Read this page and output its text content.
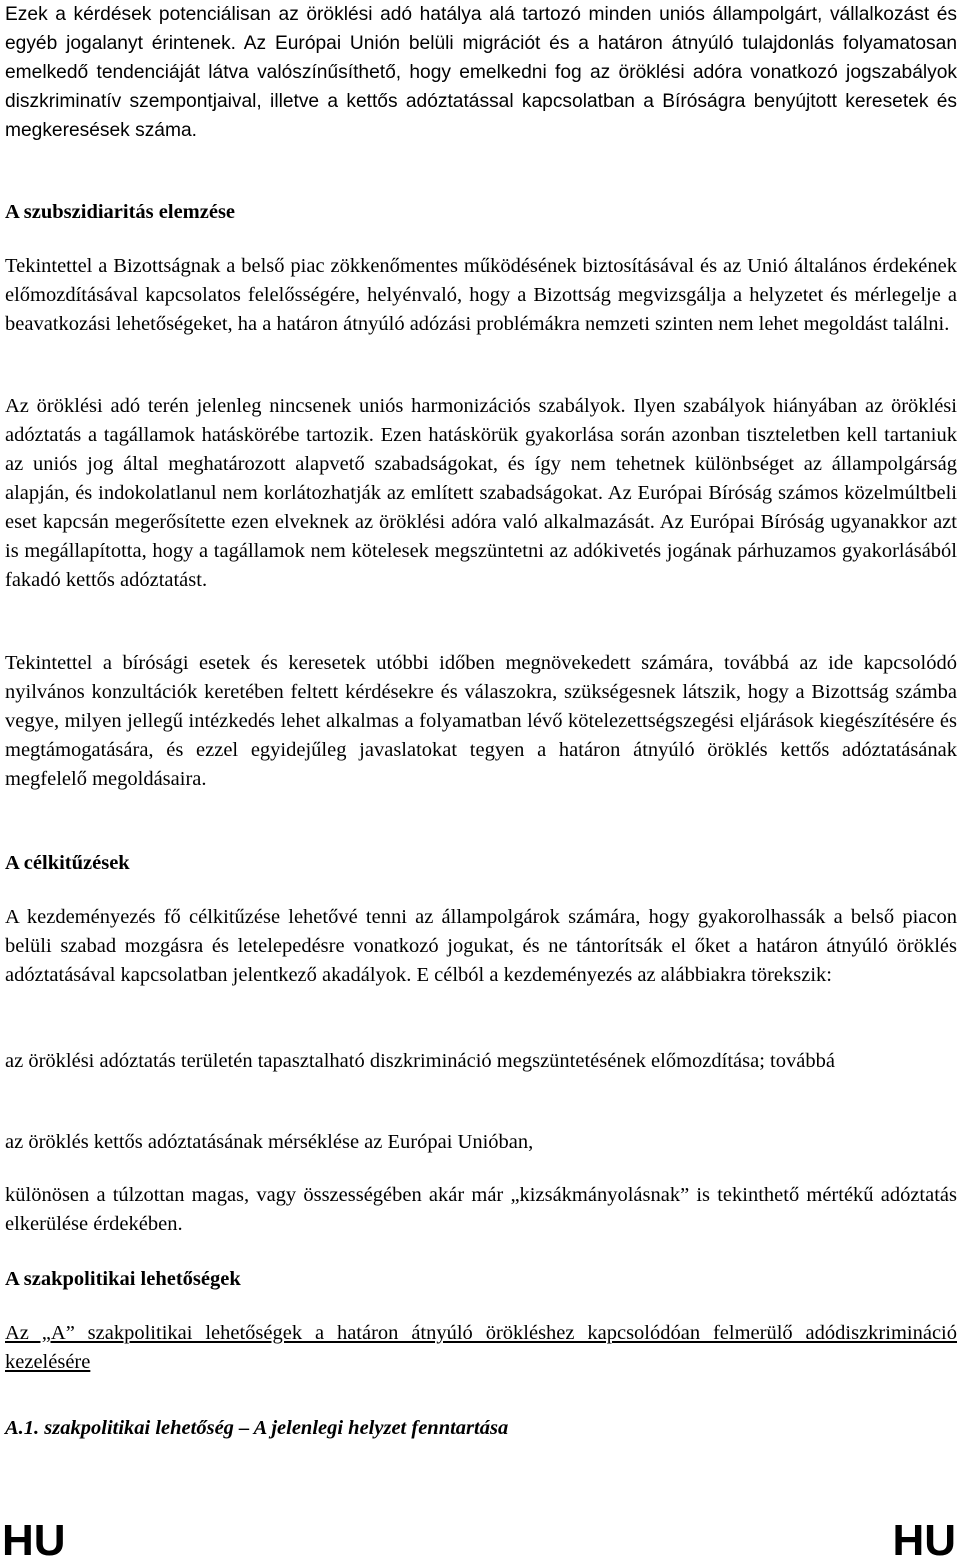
Ezek a kérdések potenciálisan az öröklési adó hatálya alá tartozó minden uniós állampolgárt, vállalkozást és egyéb jogalanyt érintenek. Az Európai Unión belüli migrációt és a határon átnyúló tulajdonlás folyamatosan emelkedő tendenciáját látva valószínűsíthető, hogy emelkedni fog az öröklési adóra vonatkozó jogszabályok diszkriminatív szempontjaival, illetve a kettős adóztatással kapcsolatban a Bíróságra benyújtott keresetek és megkeresések száma.

A szubszidiaritás elemzése

Tekintettel a Bizottságnak a belső piac zökkenőmentes működésének biztosításával és az Unió általános érdekének előmozdításával kapcsolatos felelősségére, helyénvaló, hogy a Bizottság megvizsgálja a helyzetet és mérlegelje a beavatkozási lehetőségeket, ha a határon átnyúló adózási problémákra nemzeti szinten nem lehet megoldást találni.

Az öröklési adó terén jelenleg nincsenek uniós harmonizációs szabályok. Ilyen szabályok hiányában az öröklési adóztatás a tagállamok hatáskörébe tartozik. Ezen hatáskörük gyakorlása során azonban tiszteletben kell tartaniuk az uniós jog által meghatározott alapvető szabadságokat, és így nem tehetnek különbséget az állampolgárság alapján, és indokolatlanul nem korlátozhatják az említett szabadságokat. Az Európai Bíróság számos közelmúltbeli eset kapcsán megerősítette ezen elveknek az öröklési adóra való alkalmazását. Az Európai Bíróság ugyanakkor azt is megállapította, hogy a tagállamok nem kötelesek megszüntetni az adókivetés jogának párhuzamos gyakorlásából fakadó kettős adóztatást.

Tekintettel a bírósági esetek és keresetek utóbbi időben megnövekedett számára, továbbá az ide kapcsolódó nyilvános konzultációk keretében feltett kérdésekre és válaszokra, szükségesnek látszik, hogy a Bizottság számba vegye, milyen jellegű intézkedés lehet alkalmas a folyamatban lévő kötelezettségszegési eljárások kiegészítésére és megtámogatására, és ezzel egyidejűleg javaslatokat tegyen a határon átnyúló öröklés kettős adóztatásának megfelelő megoldásaira.

A célkitűzések

A kezdeményezés fő célkitűzése lehetővé tenni az állampolgárok számára, hogy gyakorolhassák a belső piacon belüli szabad mozgásra és letelepedésre vonatkozó jogukat, és ne tántorítsák el őket a határon átnyúló öröklés adóztatásával kapcsolatban jelentkező akadályok. E célból a kezdeményezés az alábbiakra törekszik:

az öröklési adóztatás területén tapasztalható diszkrimináció megszüntetésének előmozdítása; továbbá

az öröklés kettős adóztatásának mérséklése az Európai Unióban,

különösen a túlzottan magas, vagy összességében akár már „kizsákmányolásnak” is tekinthető mértékű adóztatás elkerülése érdekében.

A szakpolitikai lehetőségek

Az „A” szakpolitikai lehetőségek a határon átnyúló örökléshez kapcsolódóan felmerülő adódiszkrimináció kezelésére

A.1. szakpolitikai lehetőség – A jelenlegi helyzet fenntartása

HU	HU
